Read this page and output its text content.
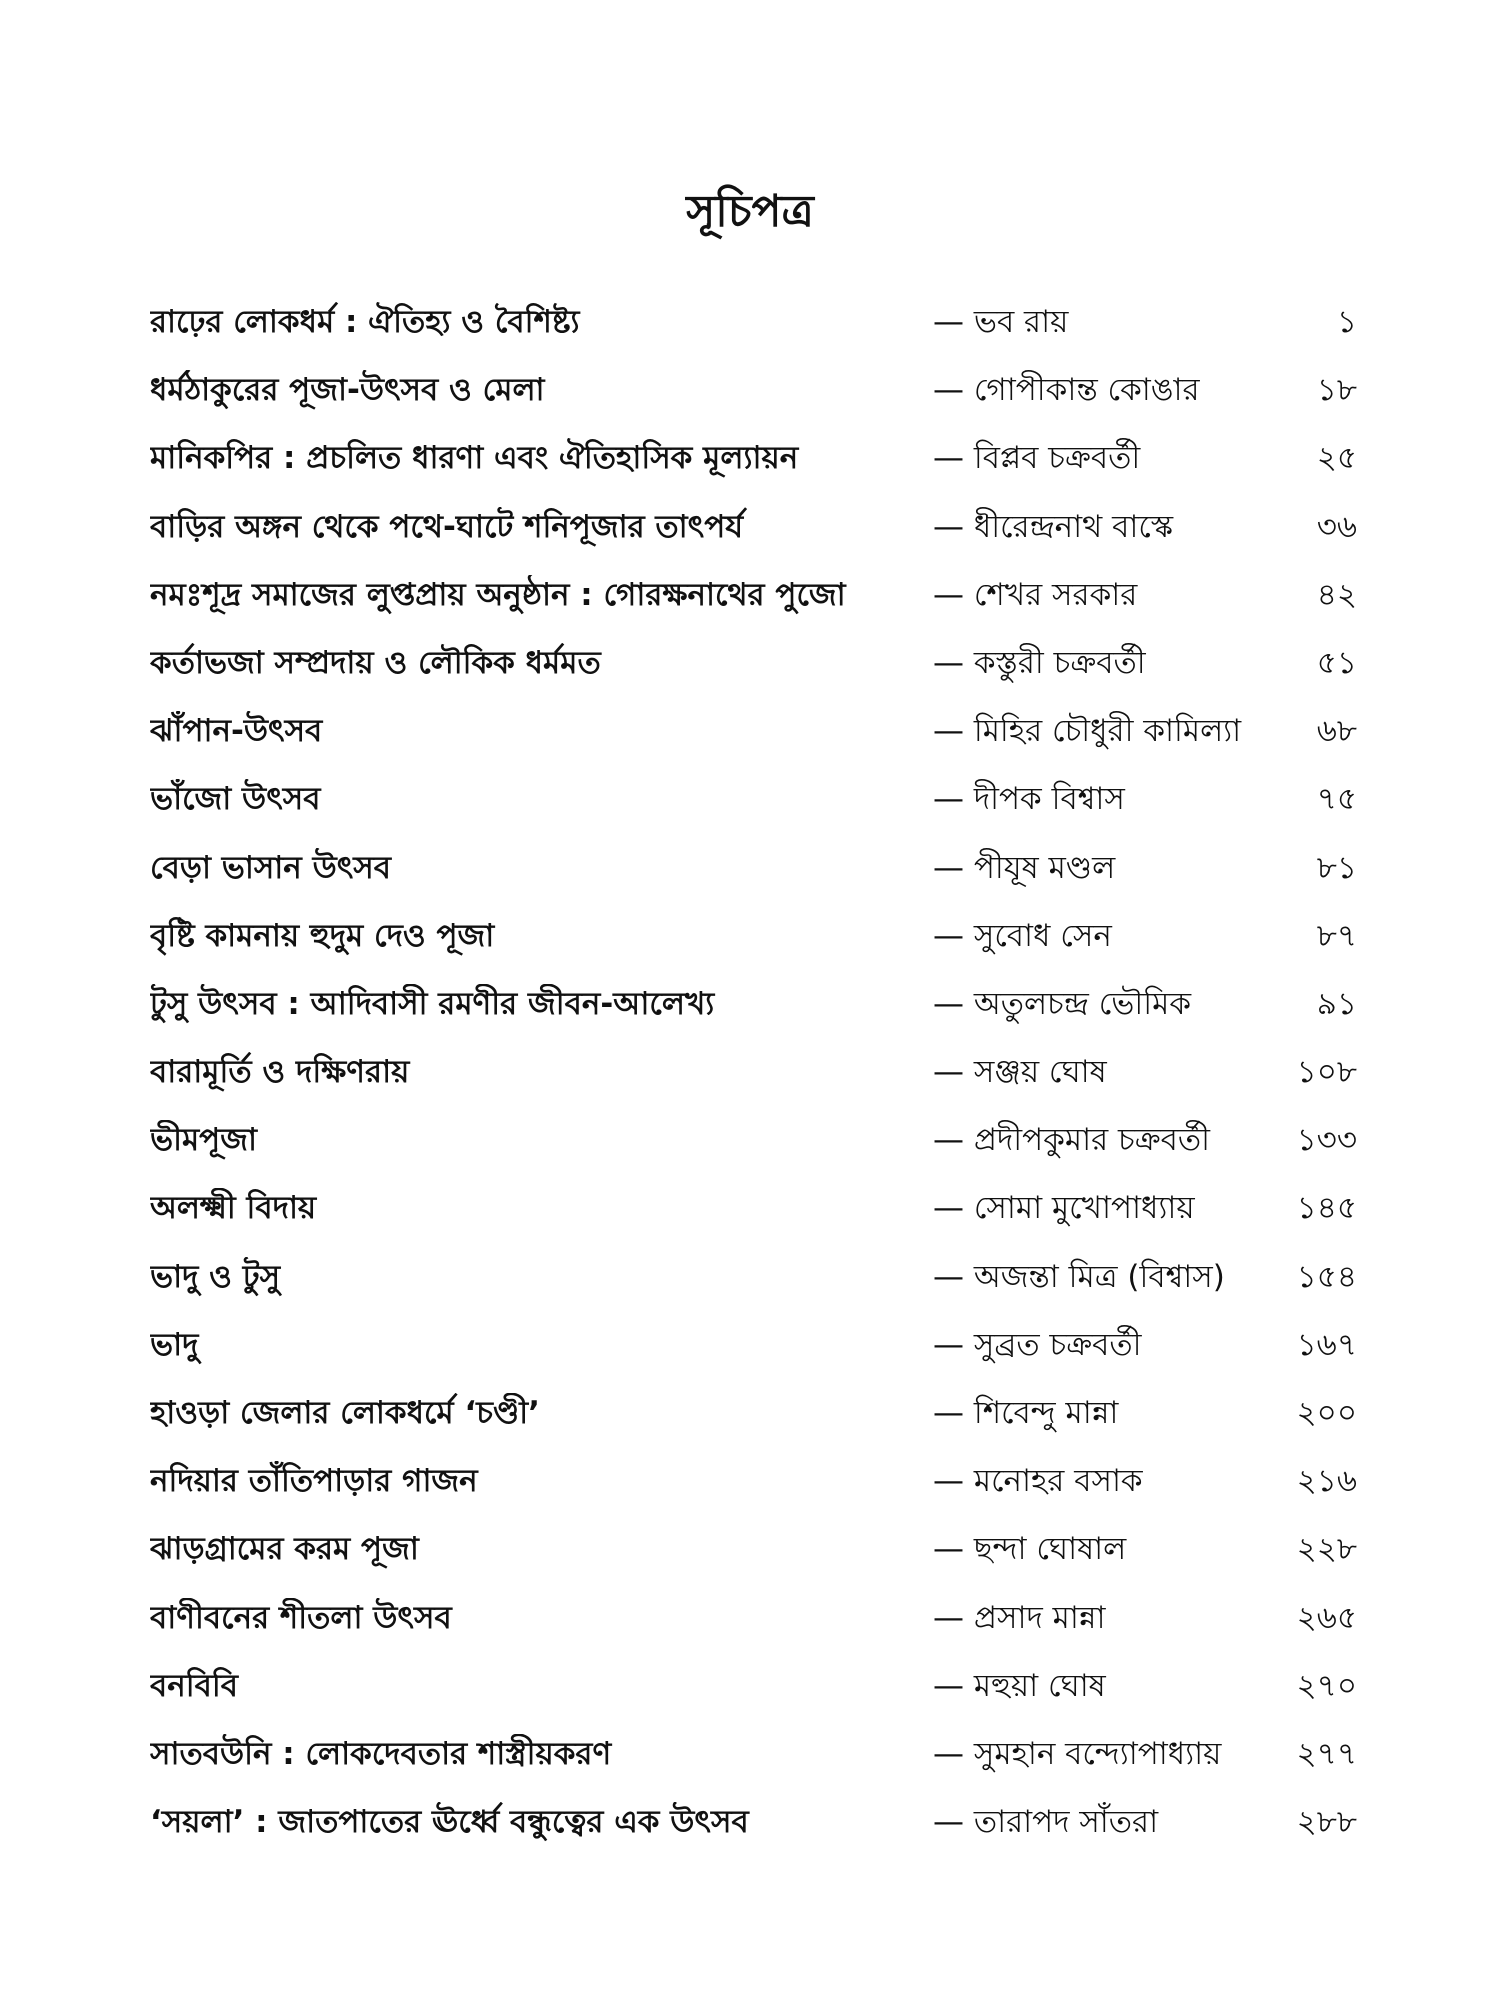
সূচিপত্র
রাঢ়ের লোকধর্ম : ঐতিহ্য ও বৈশিষ্ট্য	— ভব রায়	১
ধর্মঠাকুরের পূজা-উৎসব ও মেলা	— গোপীকান্ত কোঙার	১৮
মানিকপির : প্রচলিত ধারণা এবং ঐতিহাসিক মূল্যায়ন	— বিপ্লব চক্রবর্তী	২৫
বাড়ির অঙ্গন থেকে পথে-ঘাটে শনিপূজার তাৎপর্য	— ধীরেন্দ্রনাথ বাস্কে	৩৬
নমঃশূদ্র সমাজের লুপ্তপ্রায় অনুষ্ঠান : গোরক্ষনাথের পুজো	— শেখর সরকার	৪২
কর্তাভজা সম্প্রদায় ও লৌকিক ধর্মমত	— কস্তুরী চক্রবর্তী	৫১
ঝাঁপান-উৎসব	— মিহির চৌধুরী কামিল্যা	৬৮
ভাঁজো উৎসব	— দীপক বিশ্বাস	৭৫
বেড়া ভাসান উৎসব	— পীযূষ মণ্ডল	৮১
বৃষ্টি কামনায় হুদুম দেও পূজা	— সুবোধ সেন	৮৭
টুসু উৎসব : আদিবাসী রমণীর জীবন-আলেখ্য	— অতুলচন্দ্র ভৌমিক	৯১
বারামূর্তি ও দক্ষিণরায়	— সঞ্জয় ঘোষ	১০৮
ভীমপূজা	— প্রদীপকুমার চক্রবর্তী	১৩৩
অলক্ষ্মী বিদায়	— সোমা মুখোপাধ্যায়	১৪৫
ভাদু ও টুসু	— অজন্তা মিত্র (বিশ্বাস)	১৫৪
ভাদু	— সুব্রত চক্রবর্তী	১৬৭
হাওড়া জেলার লোকধর্মে ‘চণ্ডী’	— শিবেন্দু মান্না	২০০
নদিয়ার তাঁতিপাড়ার গাজন	— মনোহর বসাক	২১৬
ঝাড়গ্রামের করম পূজা	— ছন্দা ঘোষাল	২২৮
বাণীবনের শীতলা উৎসব	— প্রসাদ মান্না	২৬৫
বনবিবি	— মহুয়া ঘোষ	২৭০
সাতবউনি : লোকদেবতার শাস্ত্রীয়করণ	— সুমহান বন্দ্যোপাধ্যায়	২৭৭
‘সয়লা’ : জাতপাতের ঊর্ধ্বে বন্ধুত্বের এক উৎসব	— তারাপদ সাঁতরা	২৮৮
